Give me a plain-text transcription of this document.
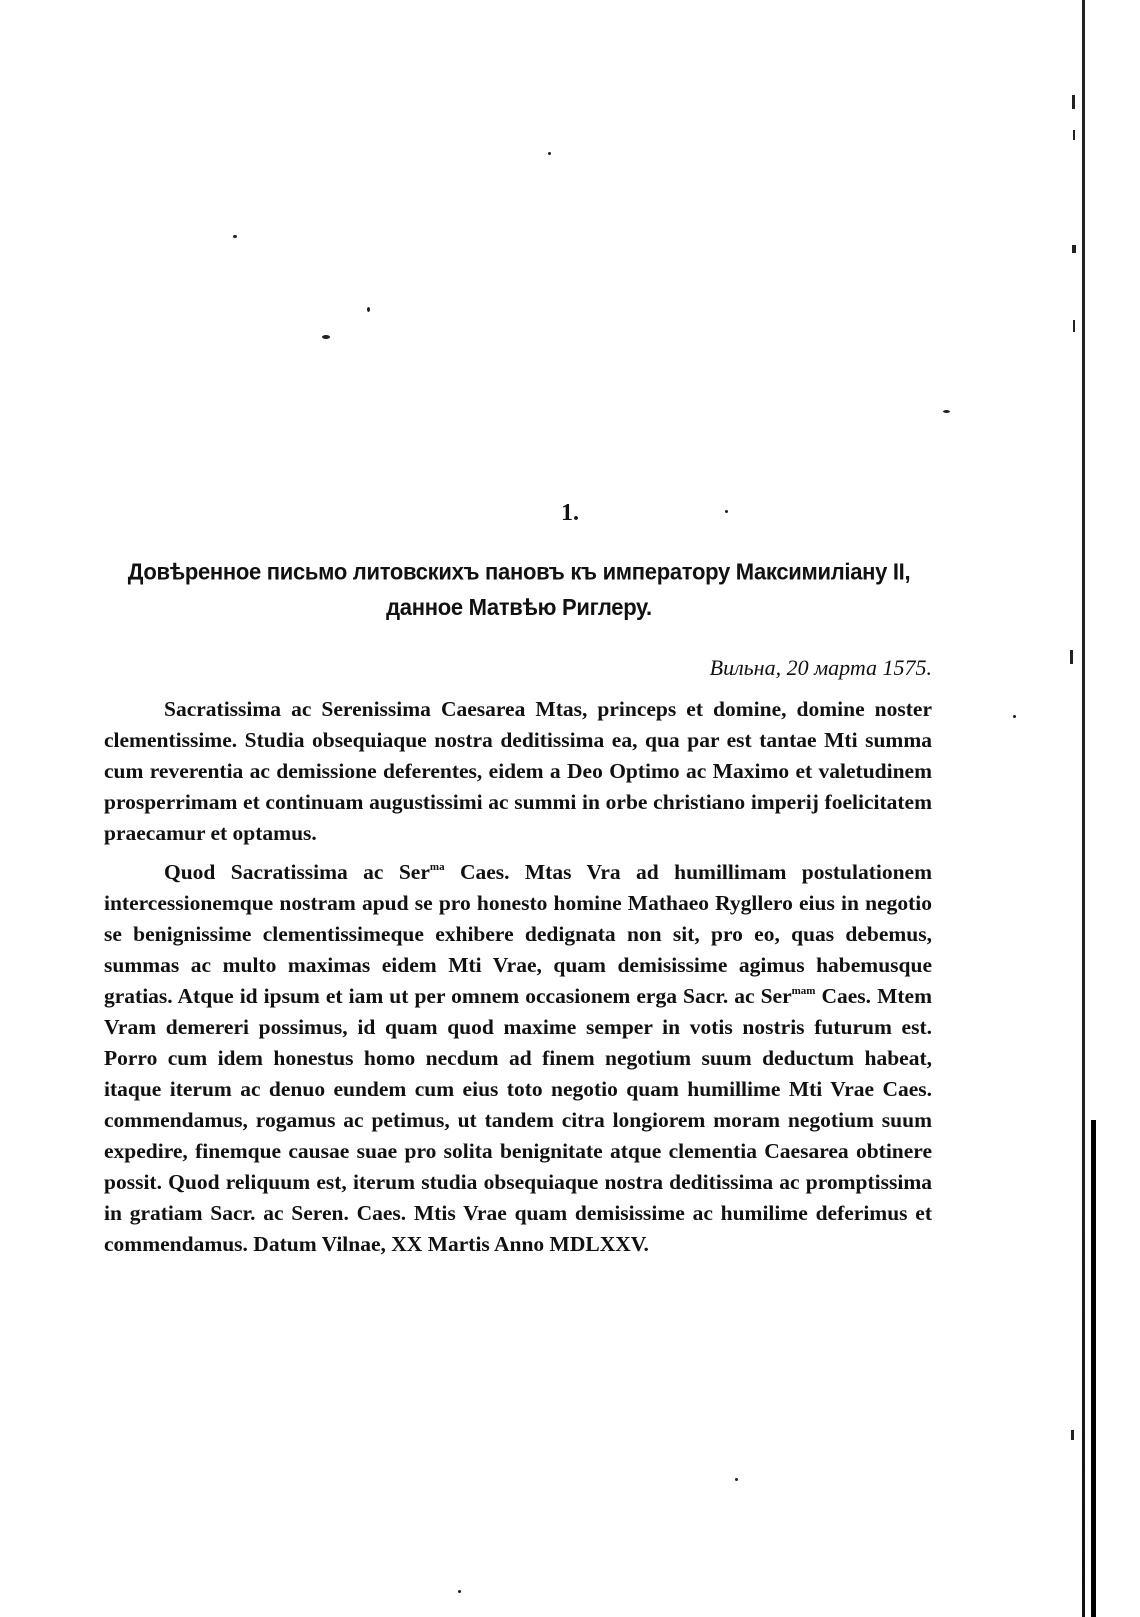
1.
Довѣренное письмо литовскихъ пановъ къ императору Максимиліану II,
данное Матвѣю Риглеру.
Вильна, 20 марта 1575.

Sacratissima ac Serenissima Caesarea Mtas, princeps et domine, domine noster clementissime. Studia obsequiaque nostra deditissima ea, qua par est tantae Mti summa cum reverentia ac demissione deferentes, eidem a Deo Optimo ac Maximo et valetudinem prosperrimam et continuam augustissimi ac summi in orbe christiano imperij foelicitatem praecamur et optamus.

Quod Sacratissima ac Ser$^{ma}$ Caes. Mtas Vra ad humillimam postulationem intercessionemque nostram apud se pro honesto homine Mathaeo Rygllero eius in negotio se benignissime clementissimeque exhibere dedignata non sit, pro eo, quas debemus, summas ac multo maximas eidem Mti Vrae, quam demisissime agimus habemusque gratias. Atque id ipsum et iam ut per omnem occasionem erga Sacr. ac Ser$^{mam}$ Caes. Mtem Vram demereri possimus, id quam quod maxime semper in votis nostris futurum est. Porro cum idem honestus homo necdum ad finem negotium suum deductum habeat, itaque iterum ac denuo eundem cum eius toto negotio quam humillime Mti Vrae Caes. commendamus, rogamus ac petimus, ut tandem citra longiorem moram negotium suum expedire, finemque causae suae pro solita benignitate atque clementia Caesarea obtinere possit. Quod reliquum est, iterum studia obsequiaque nostra deditissima ac promptissima in gratiam Sacr. ac Seren. Caes. Mtis Vrae quam demisissime ac humilime deferimus et commendamus. Datum Vilnae, XX Martis Anno MDLXXV.
